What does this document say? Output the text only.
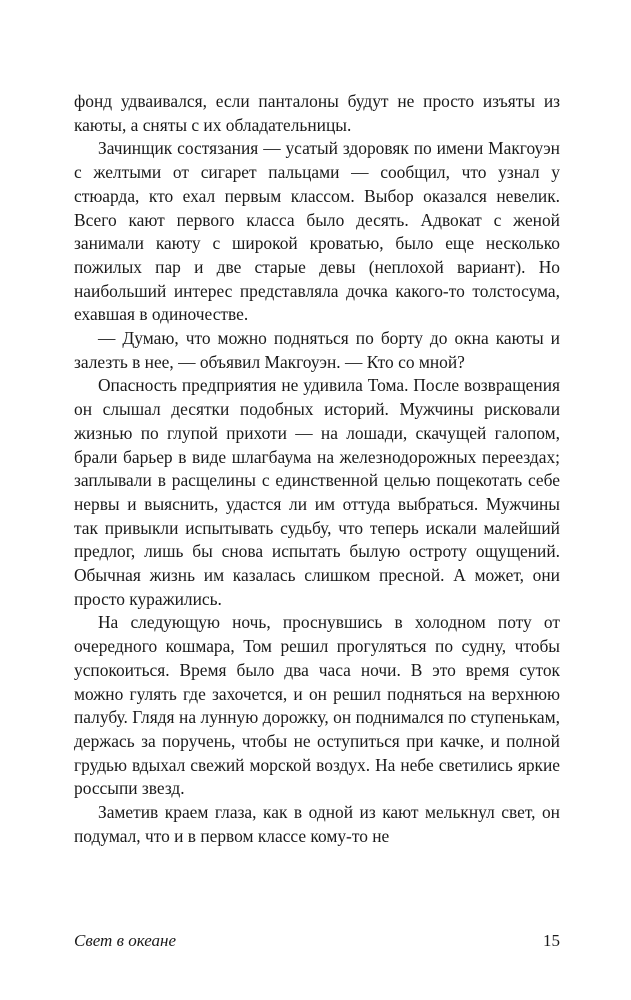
фонд удваивался, если панталоны будут не просто изъяты из каюты, а сняты с их обладательницы.

Зачинщик состязания — усатый здоровяк по имени Макгоуэн с желтыми от сигарет пальцами — сообщил, что узнал у стюарда, кто ехал первым классом. Выбор оказался невелик. Всего кают первого класса было десять. Адвокат с женой занимали каюту с широкой кроватью, было еще несколько пожилых пар и две старые девы (неплохой вариант). Но наибольший интерес представляла дочка какого-то толстосума, ехавшая в одиночестве.

— Думаю, что можно подняться по борту до окна каюты и залезть в нее, — объявил Макгоуэн. — Кто со мной?

Опасность предприятия не удивила Тома. После возвращения он слышал десятки подобных историй. Мужчины рисковали жизнью по глупой прихоти — на лошади, скачущей галопом, брали барьер в виде шлагбаума на железнодорожных переездах; заплывали в расщелины с единственной целью пощекотать себе нервы и выяснить, удастся ли им оттуда выбраться. Мужчины так привыкли испытывать судьбу, что теперь искали малейший предлог, лишь бы снова испытать былую остроту ощущений. Обычная жизнь им казалась слишком пресной. А может, они просто куражились.

На следующую ночь, проснувшись в холодном поту от очередного кошмара, Том решил прогуляться по судну, чтобы успокоиться. Время было два часа ночи. В это время суток можно гулять где захочется, и он решил подняться на верхнюю палубу. Глядя на лунную дорожку, он поднимался по ступенькам, держась за поручень, чтобы не оступиться при качке, и полной грудью вдыхал свежий морской воздух. На небе светились яркие россыпи звезд.

Заметив краем глаза, как в одной из кают мелькнул свет, он подумал, что и в первом классе кому-то не

Свет в океане	15
